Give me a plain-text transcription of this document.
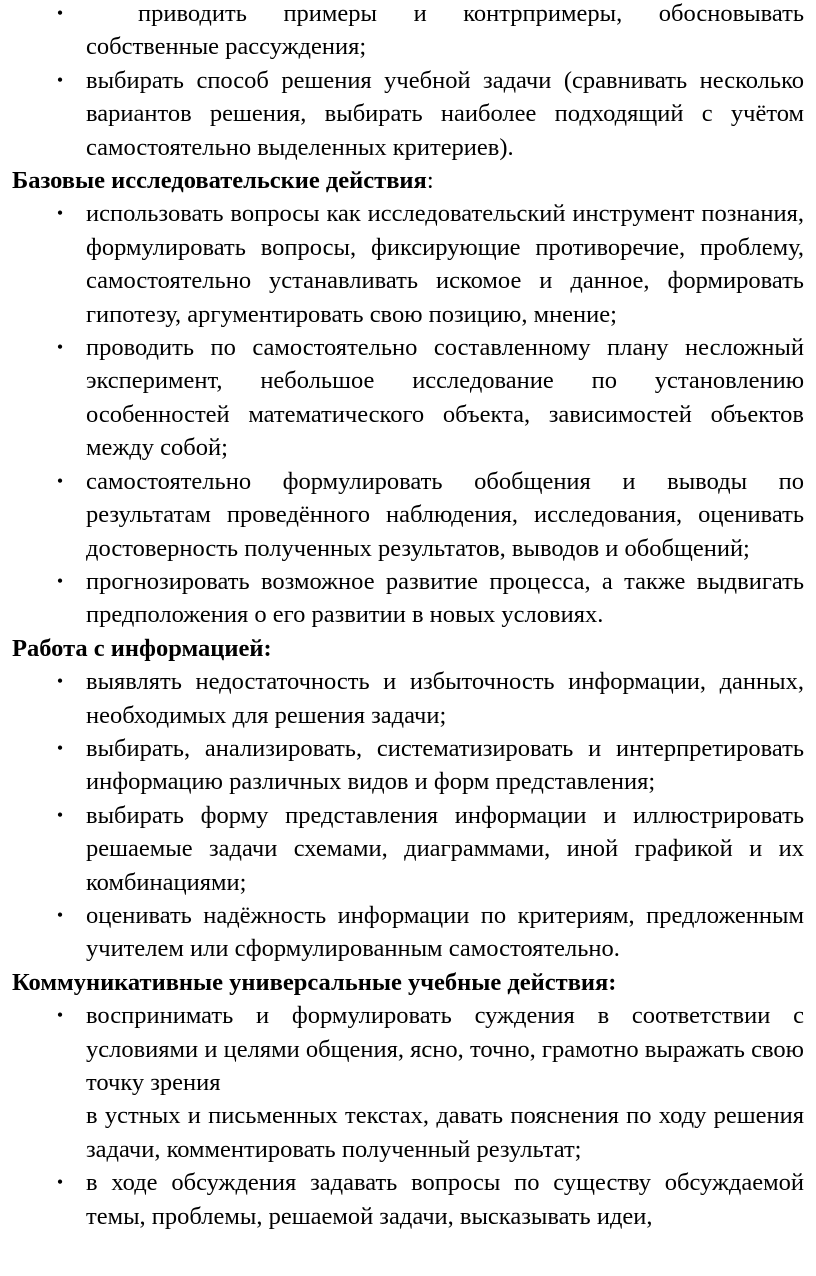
•	приводить примеры и контрпримеры, обосновывать собственные рассуждения;

• выбирать способ решения учебной задачи (сравнивать несколько вариантов решения, выбирать наиболее подходящий с учётом самостоятельно выделенных критериев).

Базовые исследовательские действия:
• использовать вопросы как исследовательский инструмент познания, формулировать вопросы, фиксирующие противоречие, проблему, самостоятельно устанавливать искомое и данное, формировать гипотезу, аргументировать свою позицию, мнение;

• проводить по самостоятельно составленному плану несложный эксперимент, небольшое исследование по установлению особенностей математического объекта, зависимостей объектов между собой;

• самостоятельно формулировать обобщения и выводы по результатам проведённого наблюдения, исследования, оценивать достоверность полученных результатов, выводов и обобщений;

• прогнозировать возможное развитие процесса, а также выдвигать предположения о его развитии в новых условиях.

Работа с информацией:
• выявлять недостаточность и избыточность информации, данных, необходимых для решения задачи;

• выбирать, анализировать, систематизировать и интерпретировать информацию различных видов и форм представления;

• выбирать форму представления информации и иллюстрировать решаемые задачи схемами, диаграммами, иной графикой и их комбинациями;

• оценивать надёжность информации по критериям, предложенным учителем или сформулированным самостоятельно.

Коммуникативные универсальные учебные действия:
• воспринимать и формулировать суждения в соответствии с условиями и целями общения, ясно, точно, грамотно выражать свою точку зрения

в устных и письменных текстах, давать пояснения по ходу решения задачи, комментировать полученный результат;

• в ходе обсуждения задавать вопросы по существу обсуждаемой темы, проблемы, решаемой задачи, высказывать идеи,
